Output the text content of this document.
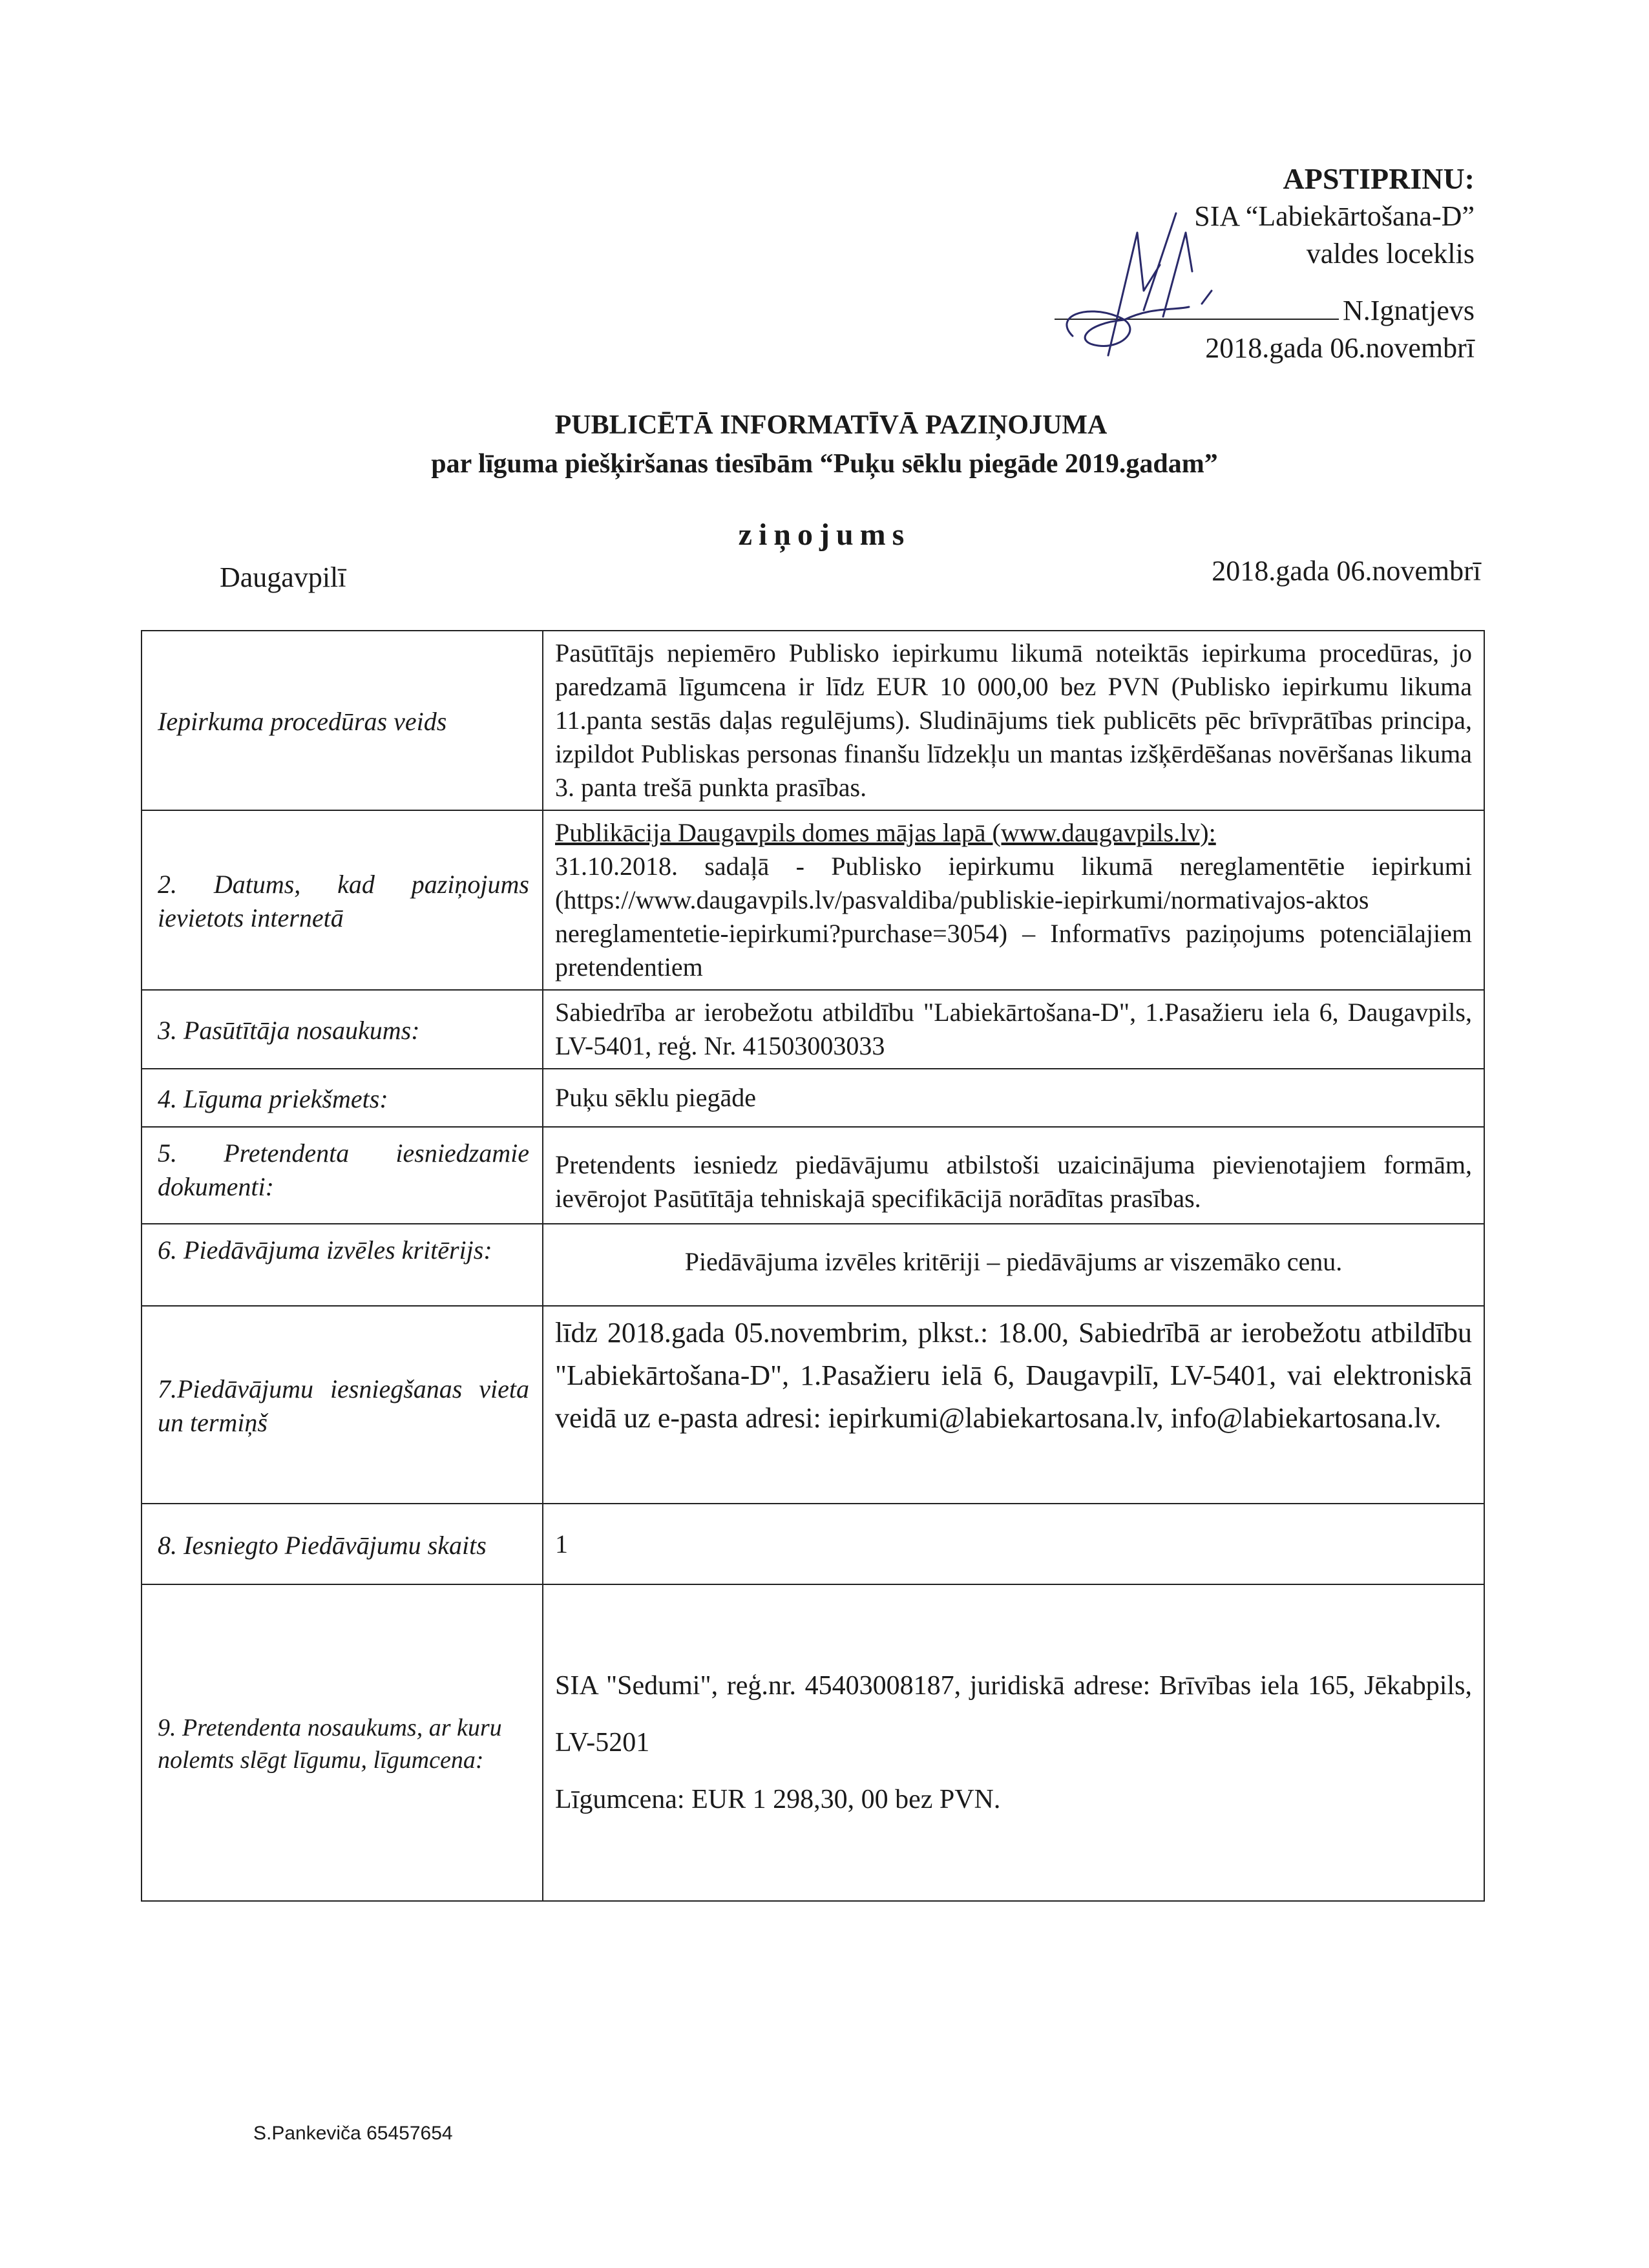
APSTIPRINU:
SIA “Labiekārtošana-D”
valdes loceklis
N.Ignatjevs
2018.gada 06.novembrī
PUBLICĒTĀ INFORMATĪVĀ PAZIŅOJUMA
par līguma piešķiršanas tiesībām “Puķu sēklu piegāde 2019.gadam”
ziņojums
Daugavpilī	2018.gada 06.novembrī
Iepirkuma procedūras veids	Pasūtītājs nepiemēro Publisko iepirkumu likumā noteiktās iepirkuma procedūras, jo paredzamā līgumcena ir līdz EUR 10 000,00 bez PVN (Publisko iepirkumu likuma 11.panta sestās daļas regulējums). Sludinājums tiek publicēts pēc brīvprātības principa, izpildot Publiskas personas finanšu līdzekļu un mantas izšķērdēšanas novēršanas likuma 3. panta trešā punkta prasības.
2. Datums, kad paziņojums ievietots internetā	Publikācija Daugavpils domes mājas lapā (www.daugavpils.lv):
31.10.2018. sadaļā - Publisko iepirkumu likumā nereglamentētie iepirkumi (https://www.daugavpils.lv/pasvaldiba/publiskie-iepirkumi/normativajos-aktos nereglamentetie-iepirkumi?purchase=3054) – Informatīvs paziņojums potenciālajiem pretendentiem

3. Pasūtītāja nosaukums:	Sabiedrība ar ierobežotu atbildību "Labiekārtošana-D", 1.Pasažieru iela 6, Daugavpils, LV-5401, reģ. Nr. 41503003033
4. Līguma priekšmets:	Puķu sēklu piegāde
5. Pretendenta iesniedzamie dokumenti:	Pretendents iesniedz piedāvājumu atbilstoši uzaicinājuma pievienotajiem formām, ievērojot Pasūtītāja tehniskajā specifikācijā norādītas prasības.
6. Piedāvājuma izvēles kritērijs:	Piedāvājuma izvēles kritēriji – piedāvājums ar viszemāko cenu.
7.Piedāvājumu iesniegšanas vieta un termiņš	līdz 2018.gada 05.novembrim, plkst.: 18.00, Sabiedrībā ar ierobežotu atbildību "Labiekārtošana-D", 1.Pasažieru ielā 6, Daugavpilī, LV-5401, vai elektroniskā veidā uz e-pasta adresi: iepirkumi@labiekartosana.lv, info@labiekartosana.lv.
8. Iesniegto Piedāvājumu skaits	1
9. Pretendenta nosaukums, ar kuru nolemts slēgt līgumu, līgumcena:	SIA "Sedumi", reģ.nr. 45403008187, juridiskā adrese: Brīvības iela 165, Jēkabpils, LV-5201

Līgumcena: EUR 1 298,30, 00 bez PVN.

S.Pankeviča 65457654
